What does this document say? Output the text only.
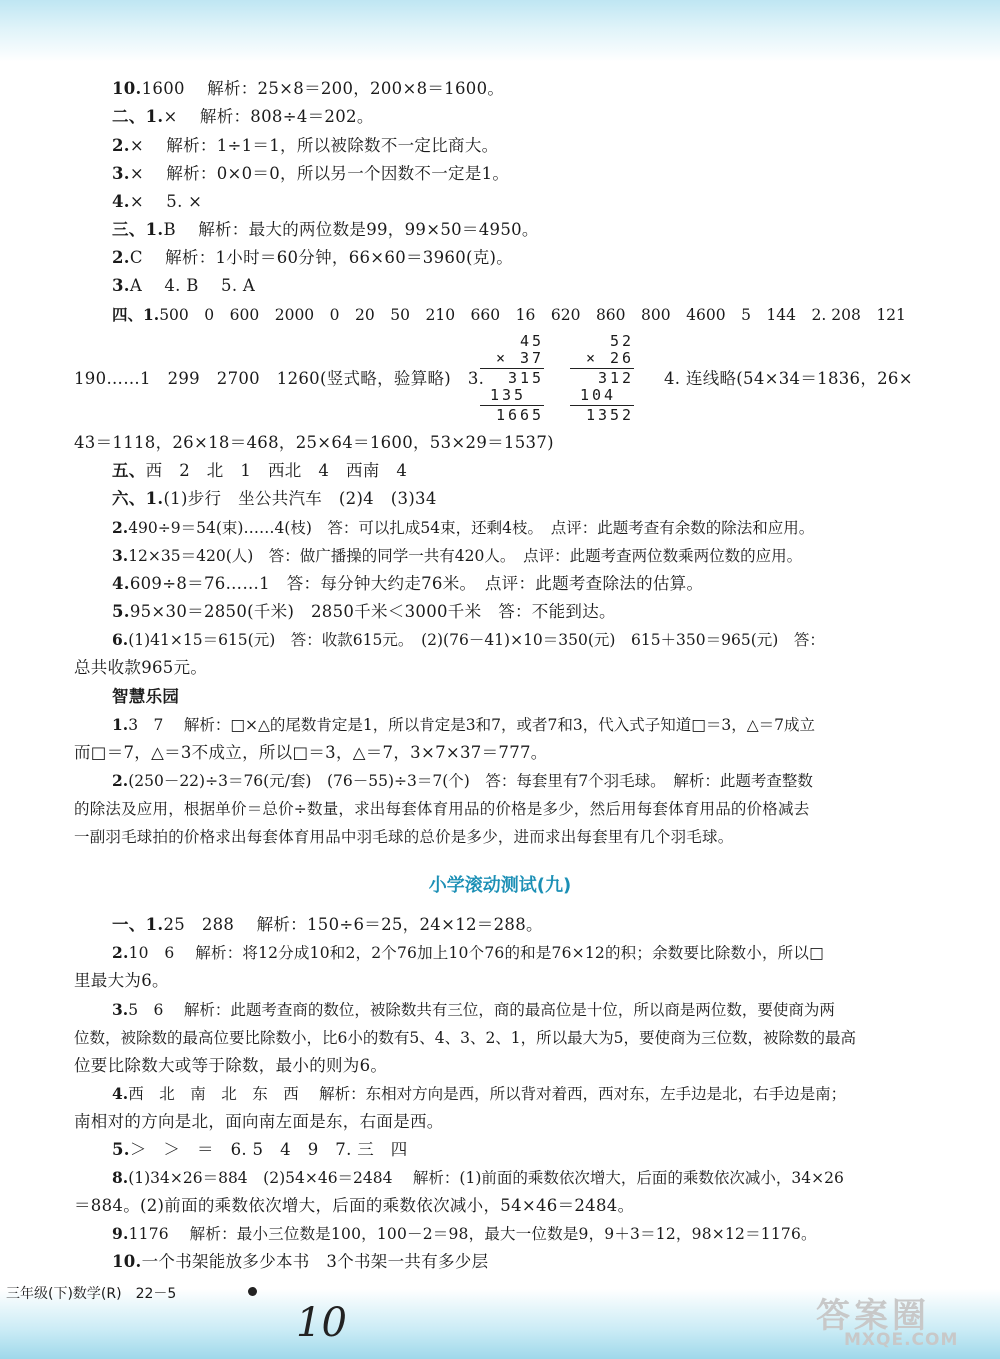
10.1600　 解析：25×8＝200，200×8＝1600。
二、1.×　 解析：808÷4＝202。
2.×　 解析：1÷1＝1，所以被除数不一定比商大。
3.×　 解析：0×0＝0，所以另一个因数不一定是1。
4.×　 5. ×
三、1.B　 解析：最大的两位数是99，99×50＝4950。
2.C　 解析：1小时＝60分钟，66×60＝3960(克)。
3.A　 4. B　 5. A
四、1.500　0　600　2000　0　20　50　210　660　16　620　860　800　4600　5　144　2. 208　121
190……1　299　2700　1260(竖式略，验算略)　3.
45
× 37
315
135
1665
52
× 26
312
104
1352
4. 连线略(54×34＝1836，26×
43＝1118，26×18＝468，25×64＝1600，53×29＝1537)
五、西　2　北　1　西北　4　西南　4
六、1.(1)步行　坐公共汽车　(2)4　(3)34
2.490÷9＝54(束)……4(枝)　答：可以扎成54束，还剩4枝。　点评：此题考查有余数的除法和应用。
3.12×35＝420(人)　答：做广播操的同学一共有420人。　点评：此题考查两位数乘两位数的应用。
4.609÷8＝76……1　答：每分钟大约走76米。　点评：此题考查除法的估算。
5.95×30＝2850(千米)　2850千米＜3000千米　答：不能到达。
6.(1)41×15＝615(元)　答：收款615元。　(2)(76－41)×10＝350(元)　615＋350＝965(元)　答：
总共收款965元。
智慧乐园
1.3　7　 解析：□×△的尾数肯定是1，所以肯定是3和7，或者7和3，代入式子知道□＝3，△＝7成立
而□＝7，△＝3不成立，所以□＝3，△＝7，3×7×37＝777。
2.(250－22)÷3＝76(元/套)　(76－55)÷3＝7(个)　答：每套里有7个羽毛球。　解析：此题考查整数
的除法及应用，根据单价＝总价÷数量，求出每套体育用品的价格是多少，然后用每套体育用品的价格减去
一副羽毛球拍的价格求出每套体育用品中羽毛球的总价是多少，进而求出每套里有几个羽毛球。
小学滚动测试(九)
一、1.25　288　 解析：150÷6＝25，24×12＝288。
2.10　6　 解析：将12分成10和2，2个76加上10个76的和是76×12的积；余数要比除数小，所以□
里最大为6。
3.5　6　 解析：此题考查商的数位，被除数共有三位，商的最高位是十位，所以商是两位数，要使商为两
位数，被除数的最高位要比除数小，比6小的数有5、4、3、2、1，所以最大为5，要使商为三位数，被除数的最高
位要比除数大或等于除数，最小的则为6。
4.西　北　南　北　东　西　 解析：东相对方向是西，所以背对着西，西对东，左手边是北，右手边是南；
南相对的方向是北，面向南左面是东，右面是西。
5.＞　＞　＝　6. 5　4　9　7. 三　四
8.(1)34×26＝884　(2)54×46＝2484　 解析：(1)前面的乘数依次增大，后面的乘数依次减小，34×26
＝884。(2)前面的乘数依次增大，后面的乘数依次减小，54×46＝2484。
9.1176　 解析：最小三位数是100，100－2＝98，最大一位数是9，9＋3＝12，98×12＝1176。
10.一个书架能放多少本书　3个书架一共有多少层
三年级(下)数学(R)　22－5
10	答案圈
MXQE.COM
